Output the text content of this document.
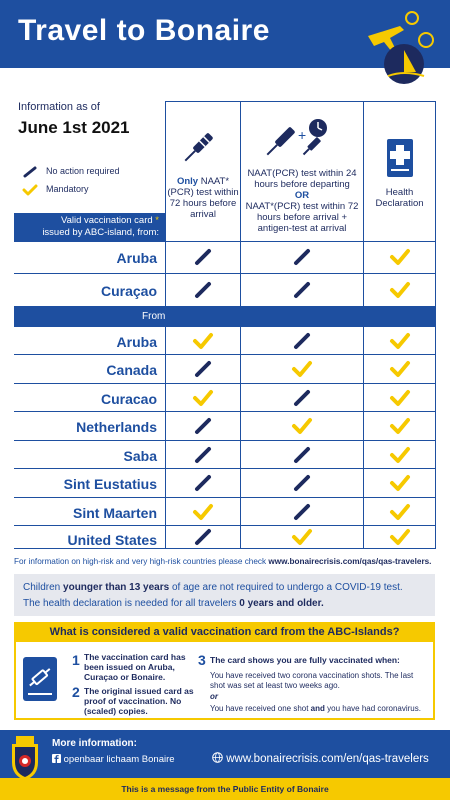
Travel to Bonaire
Information as of
June 1st 2021
No action required
Mandatory
Only NAAT* (PCR) test within 72 hours before arrival
+
NAAT(PCR) test within 24 hours before departing
OR
NAAT*(PCR) test within 72 hours before arrival + antigen-test at arrival
Health Declaration
Valid vaccination card *
issued by ABC-island, from:
Aruba
Curaçao
From
Aruba
Canada
Curacao
Netherlands
Saba
Sint Eustatius
Sint Maarten
United States
For information on high-risk and very high-risk countries please check www.bonairecrisis.com/qas/qas-travelers.
Children younger than 13 years of age are not required to undergo a COVID-19 test.
The health declaration is needed for all travelers 0 years and older.
What is considered a valid vaccination card from the ABC-Islands?
1 The vaccination card has been issued on Aruba, Curaçao or Bonaire.
2 The original issued card as proof of vaccination. No (scaled) copies.
3 The card shows you are fully vaccinated when:
You have received two corona vaccination shots. The last shot was set at least two weeks ago.
or
You have received one shot and you have had coronavirus.
More information:
openbaar lichaam Bonaire	www.bonairecrisis.com/en/qas-travelers
This is a message from the Public Entity of Bonaire
